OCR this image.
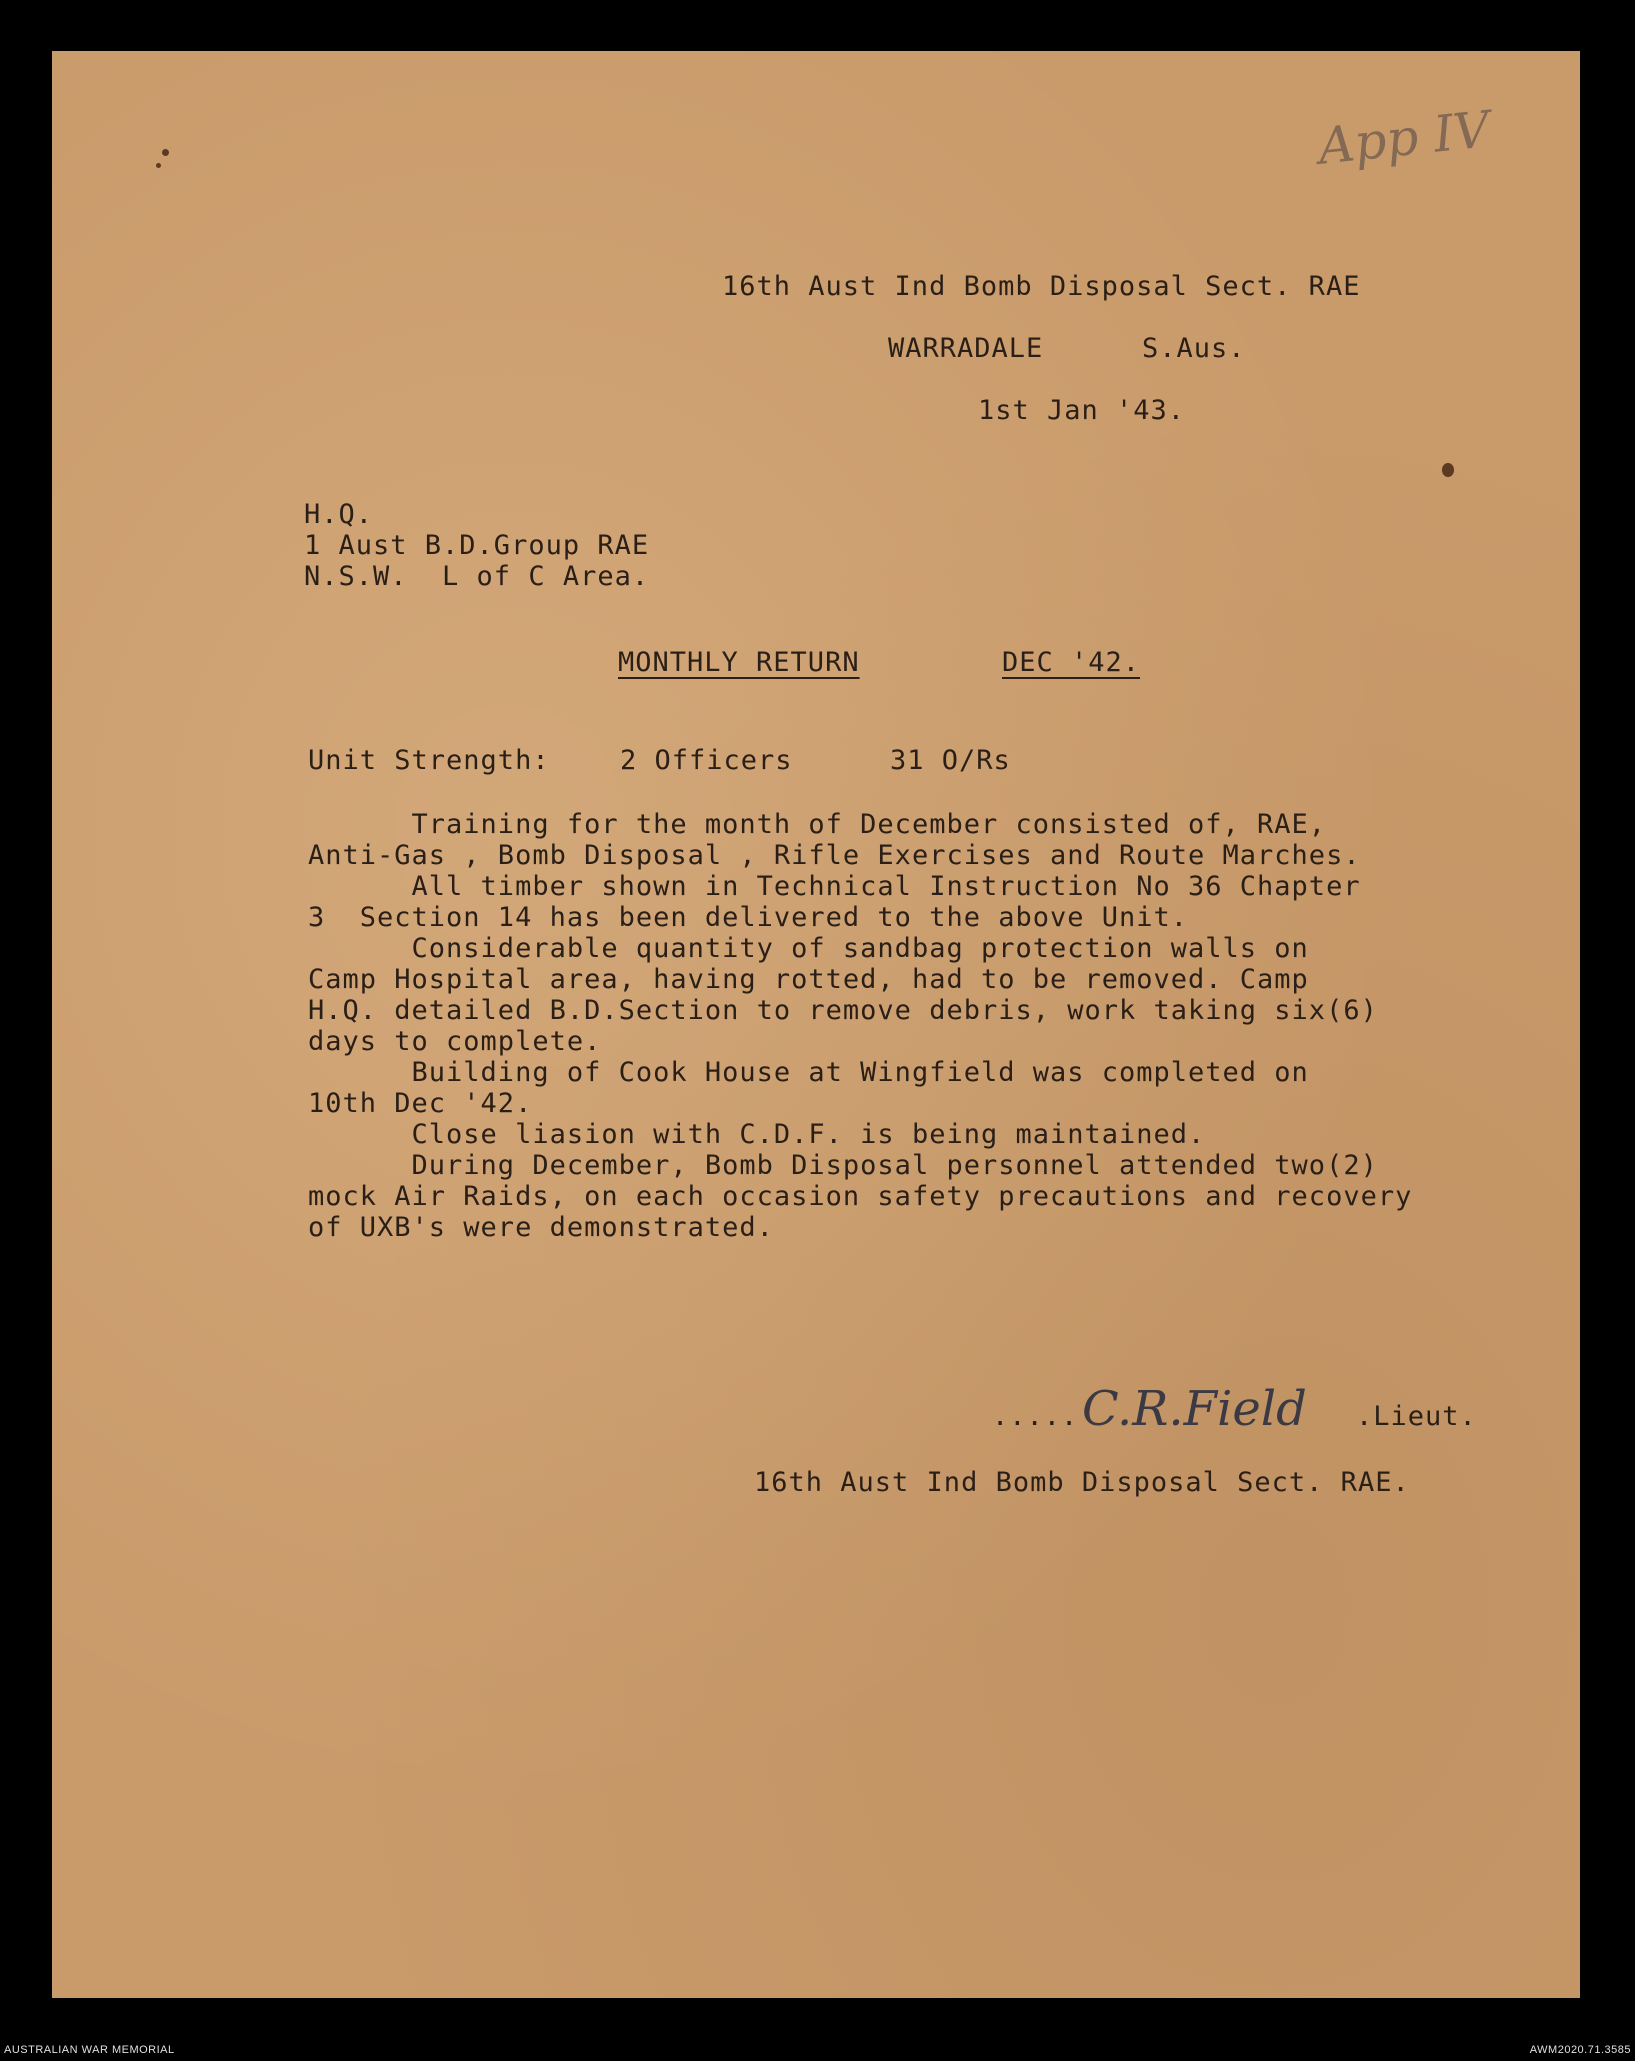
App IV
16th Aust Ind Bomb Disposal Sect. RAE
WARRADALE	S.Aus.
1st Jan '43.
H.Q.
1 Aust B.D.Group RAE
N.S.W.  L of C Area.
MONTHLY RETURN	DEC '42.
Unit Strength:	2 Officers	31 O/Rs
Training for the month of December consisted of, RAE,
Anti-Gas , Bomb Disposal , Rifle Exercises and Route Marches.
All timber shown in Technical Instruction No 36 Chapter
3  Section 14 has been delivered to the above Unit.
Considerable quantity of sandbag protection walls on
Camp Hospital area, having rotted, had to be removed. Camp
H.Q. detailed B.D.Section to remove debris, work taking six(6)
days to complete.
Building of Cook House at Wingfield was completed on
10th Dec '42.
Close liasion with C.D.F. is being maintained.
During December, Bomb Disposal personnel attended two(2)
mock Air Raids, on each occasion safety precautions and recovery
of UXB's were demonstrated.
..... C.R.Field .Lieut.
16th Aust Ind Bomb Disposal Sect. RAE.
AUSTRALIAN WAR MEMORIAL	AWM2020.71.3585
